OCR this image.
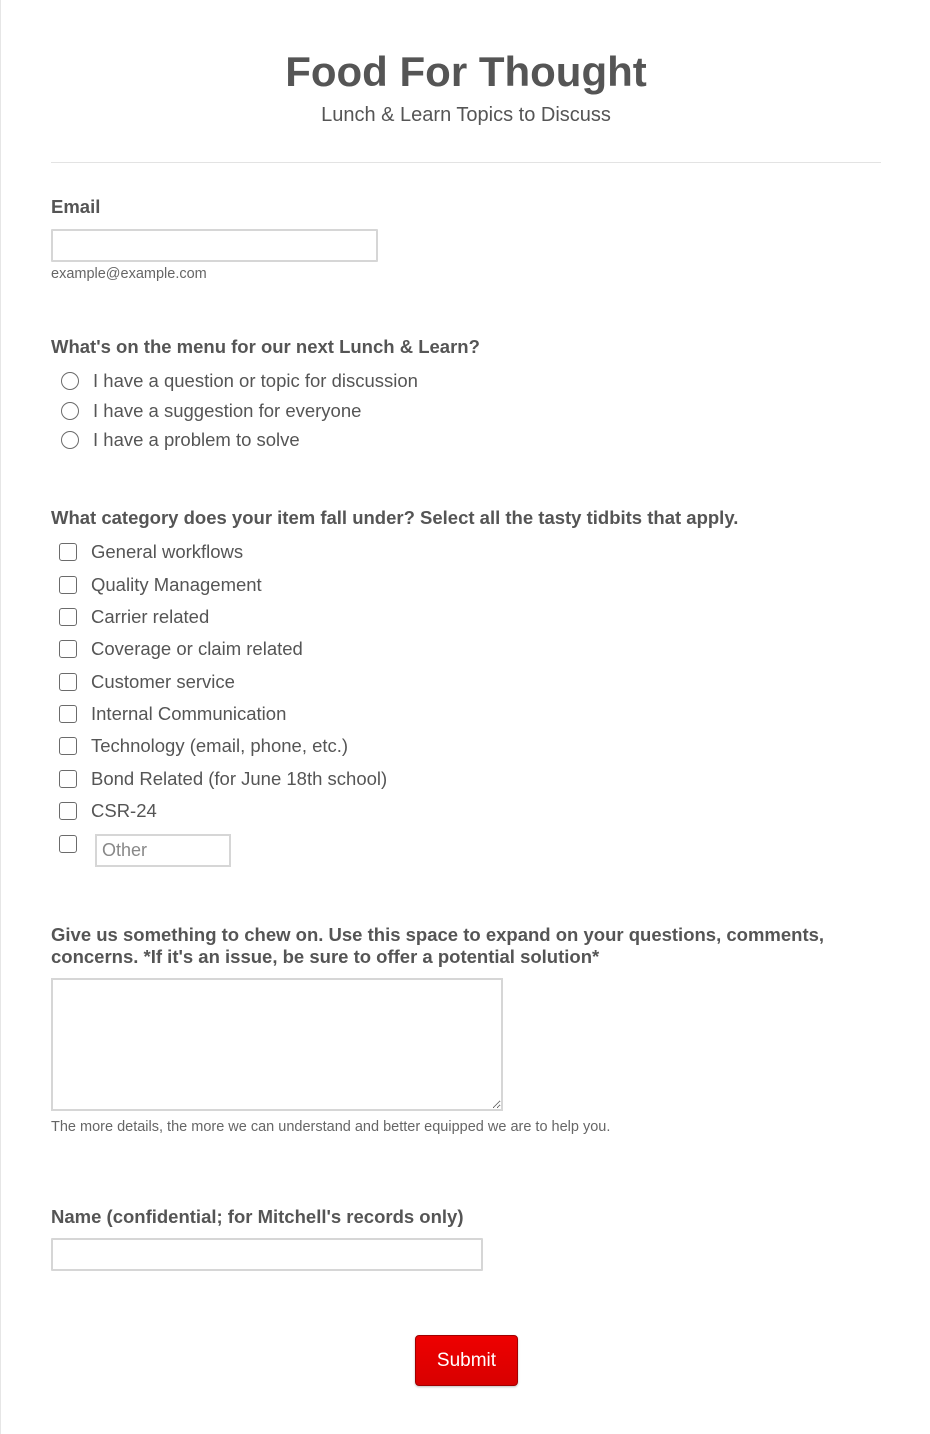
Food For Thought
Lunch & Learn Topics to Discuss
Email
example@example.com
What's on the menu for our next Lunch & Learn?
I have a question or topic for discussion
I have a suggestion for everyone
I have a problem to solve
What category does your item fall under? Select all the tasty tidbits that apply.
General workflows
Quality Management
Carrier related
Coverage or claim related
Customer service
Internal Communication
Technology (email, phone, etc.)
Bond Related (for June 18th school)
CSR-24
Other
Give us something to chew on. Use this space to expand on your questions, comments,
concerns. *If it's an issue, be sure to offer a potential solution*
The more details, the more we can understand and better equipped we are to help you.
Name (confidential; for Mitchell's records only)
Submit
